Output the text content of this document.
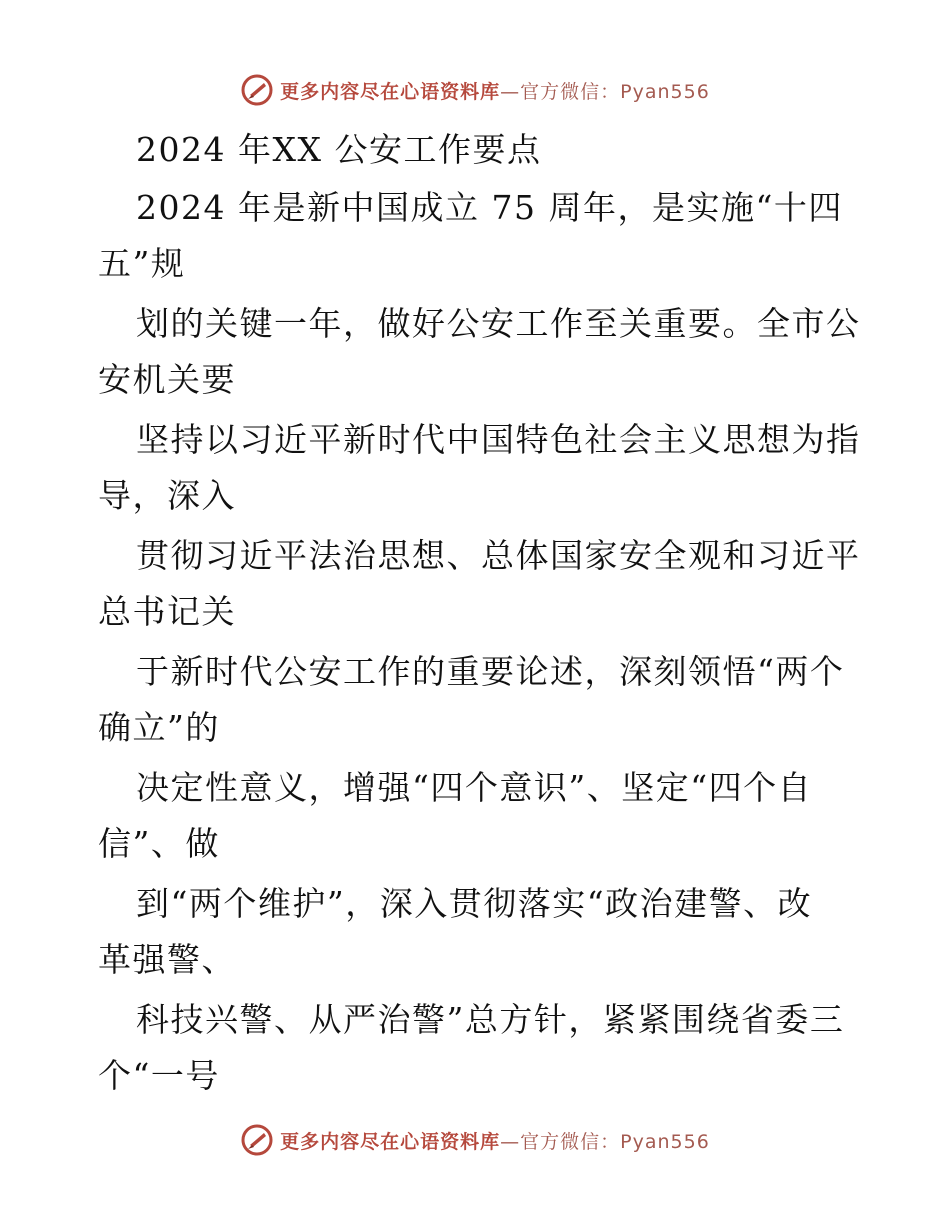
更多内容尽在心语资料库—官方微信：Pyan556
2024 年XX 公安工作要点
2024 年是新中国成立 75 周年，是实施“十四
五”规
划的关键一年，做好公安工作至关重要。全市公
安机关要
坚持以习近平新时代中国特色社会主义思想为指
导，深入
贯彻习近平法治思想、总体国家安全观和习近平
总书记关
于新时代公安工作的重要论述，深刻领悟“两个
确立”的
决定性意义，增强“四个意识”、坚定“四个自
信”、做
到“两个维护”，深入贯彻落实“政治建警、改
革强警、
科技兴警、从严治警”总方针，紧紧围绕省委三
个“一号
更多内容尽在心语资料库—官方微信：Pyan556
